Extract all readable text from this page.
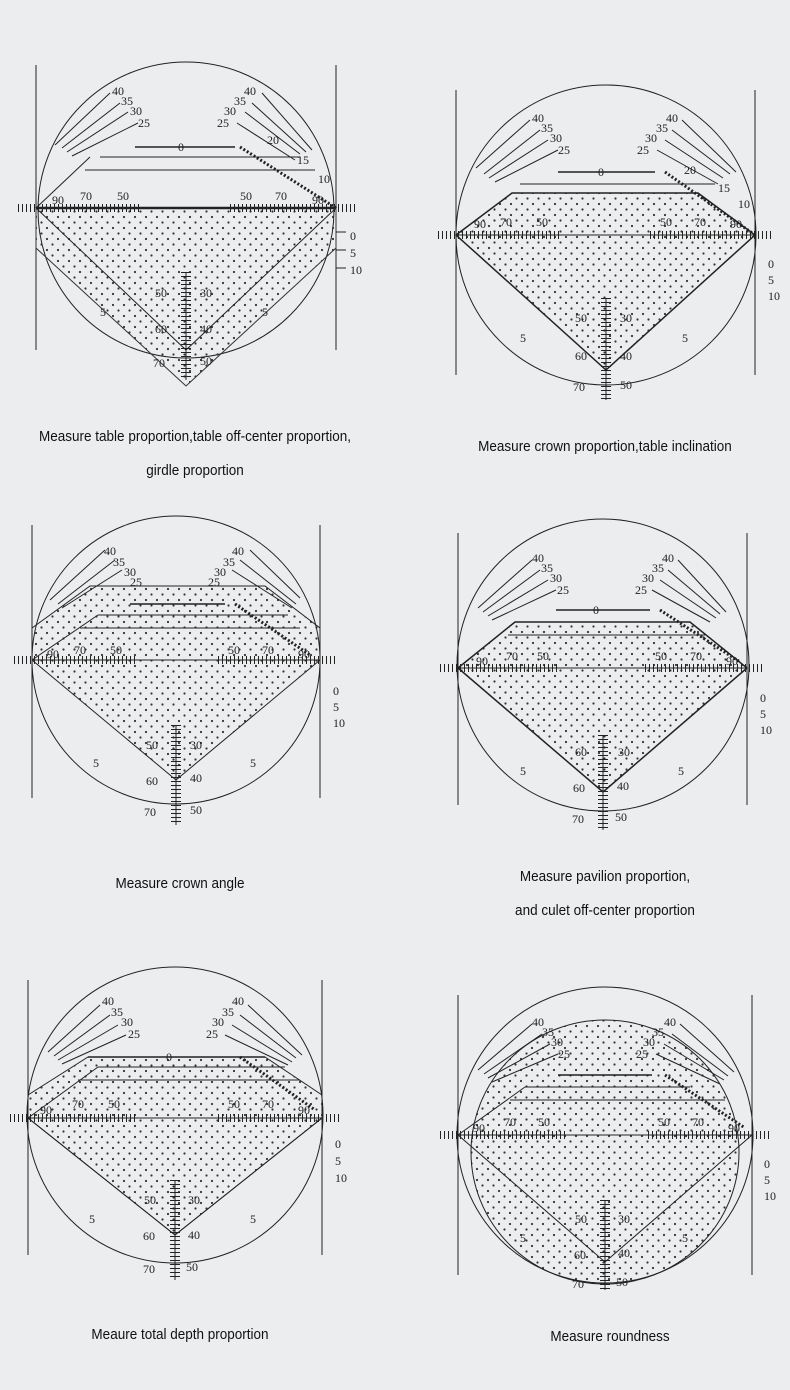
40
35
30
25
40
35
30
25
0	20
15
10
90 70 50	50 70 90
0
5
10
50	30
60	40
70	50
5	5
Measure table proportion,table off-center proportion,
girdle proportion
40
35
30
25
40
35
30
25
0	20
15
10
90 70 50	50 70 90
0
5
10
50	30
60	40
70	50
5	5
Measure crown proportion,table inclination
40
35
30
25
40
35
30
25
90 70 50	50 70 90
0
5
10
50	30
60	40
70	50
5	5
Measure crown angle
40
35
30
25
40
35
30
25
0
90 70 50	50 70 90
0
5
10
60	30
60	40
70	50
5	5
Measure pavilion proportion,
and culet off-center proportion
40
35
30
25
40
35
30
25
0
90 70 50	50 70 90
0
5
10
50	30
60	40
70	50
5	5
Meaure total depth proportion
40
35
30
25
40
35
30
25
90 70 50	50 70 90
0
5
10
50	30
60	40
70	50
5	5
Measure roundness
